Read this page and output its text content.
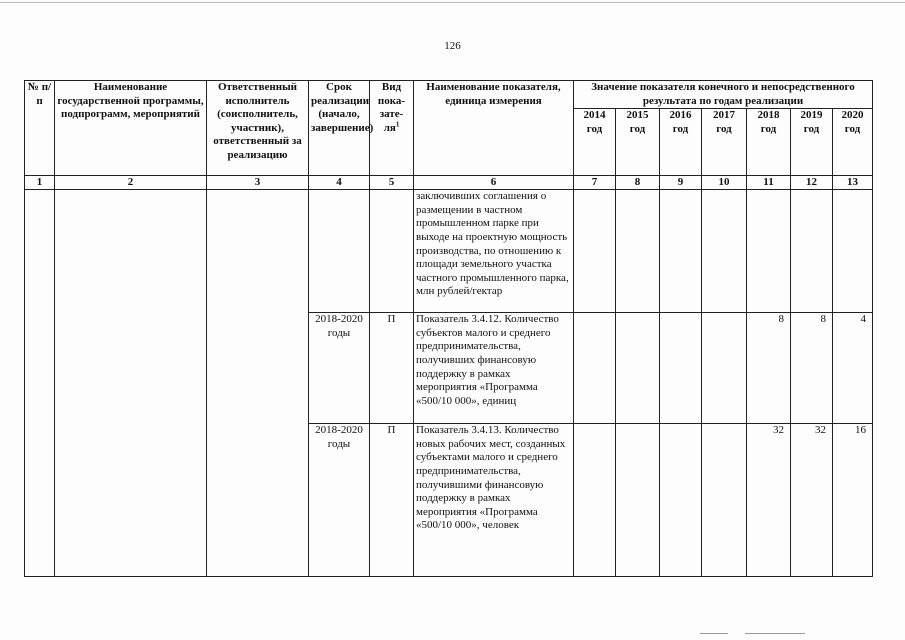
126
№ п/п	Наименование государственной программы, подпрограмм, мероприятий	Ответственный исполнитель (соисполнитель, участник), ответственный за реализацию	Срок реализации (начало, завершение)	Вид пока-$зате-ля^1$	Наименование показателя, единица измерения	Значение показателя конечного и непосредственного результата по годам реализации						
						2014 год	2015 год	2016 год	2017 год	2018 год	2019 год	2020 год
1	2	3	4	5	6	7	8	9	10	11	12	13
					заключивших соглашения о размещении в частном промышленном парке при выходе на проектную мощность производства, по отношению к площади земельного участка частного промышленного парка, млн рублей/гектар							
			2018-2020 годы	П	Показатель 3.4.12. Количество субъектов малого и среднего предпринимательства, получивших финансовую поддержку в рамках мероприятия «Программа «500/10 000», единиц					8	8	4
			2018-2020 годы	П	Показатель 3.4.13. Количество новых рабочих мест, созданных субъектами малого и среднего предпринимательства, получившими финансовую поддержку в рамках мероприятия «Программа «500/10 000», человек					32	32	16
